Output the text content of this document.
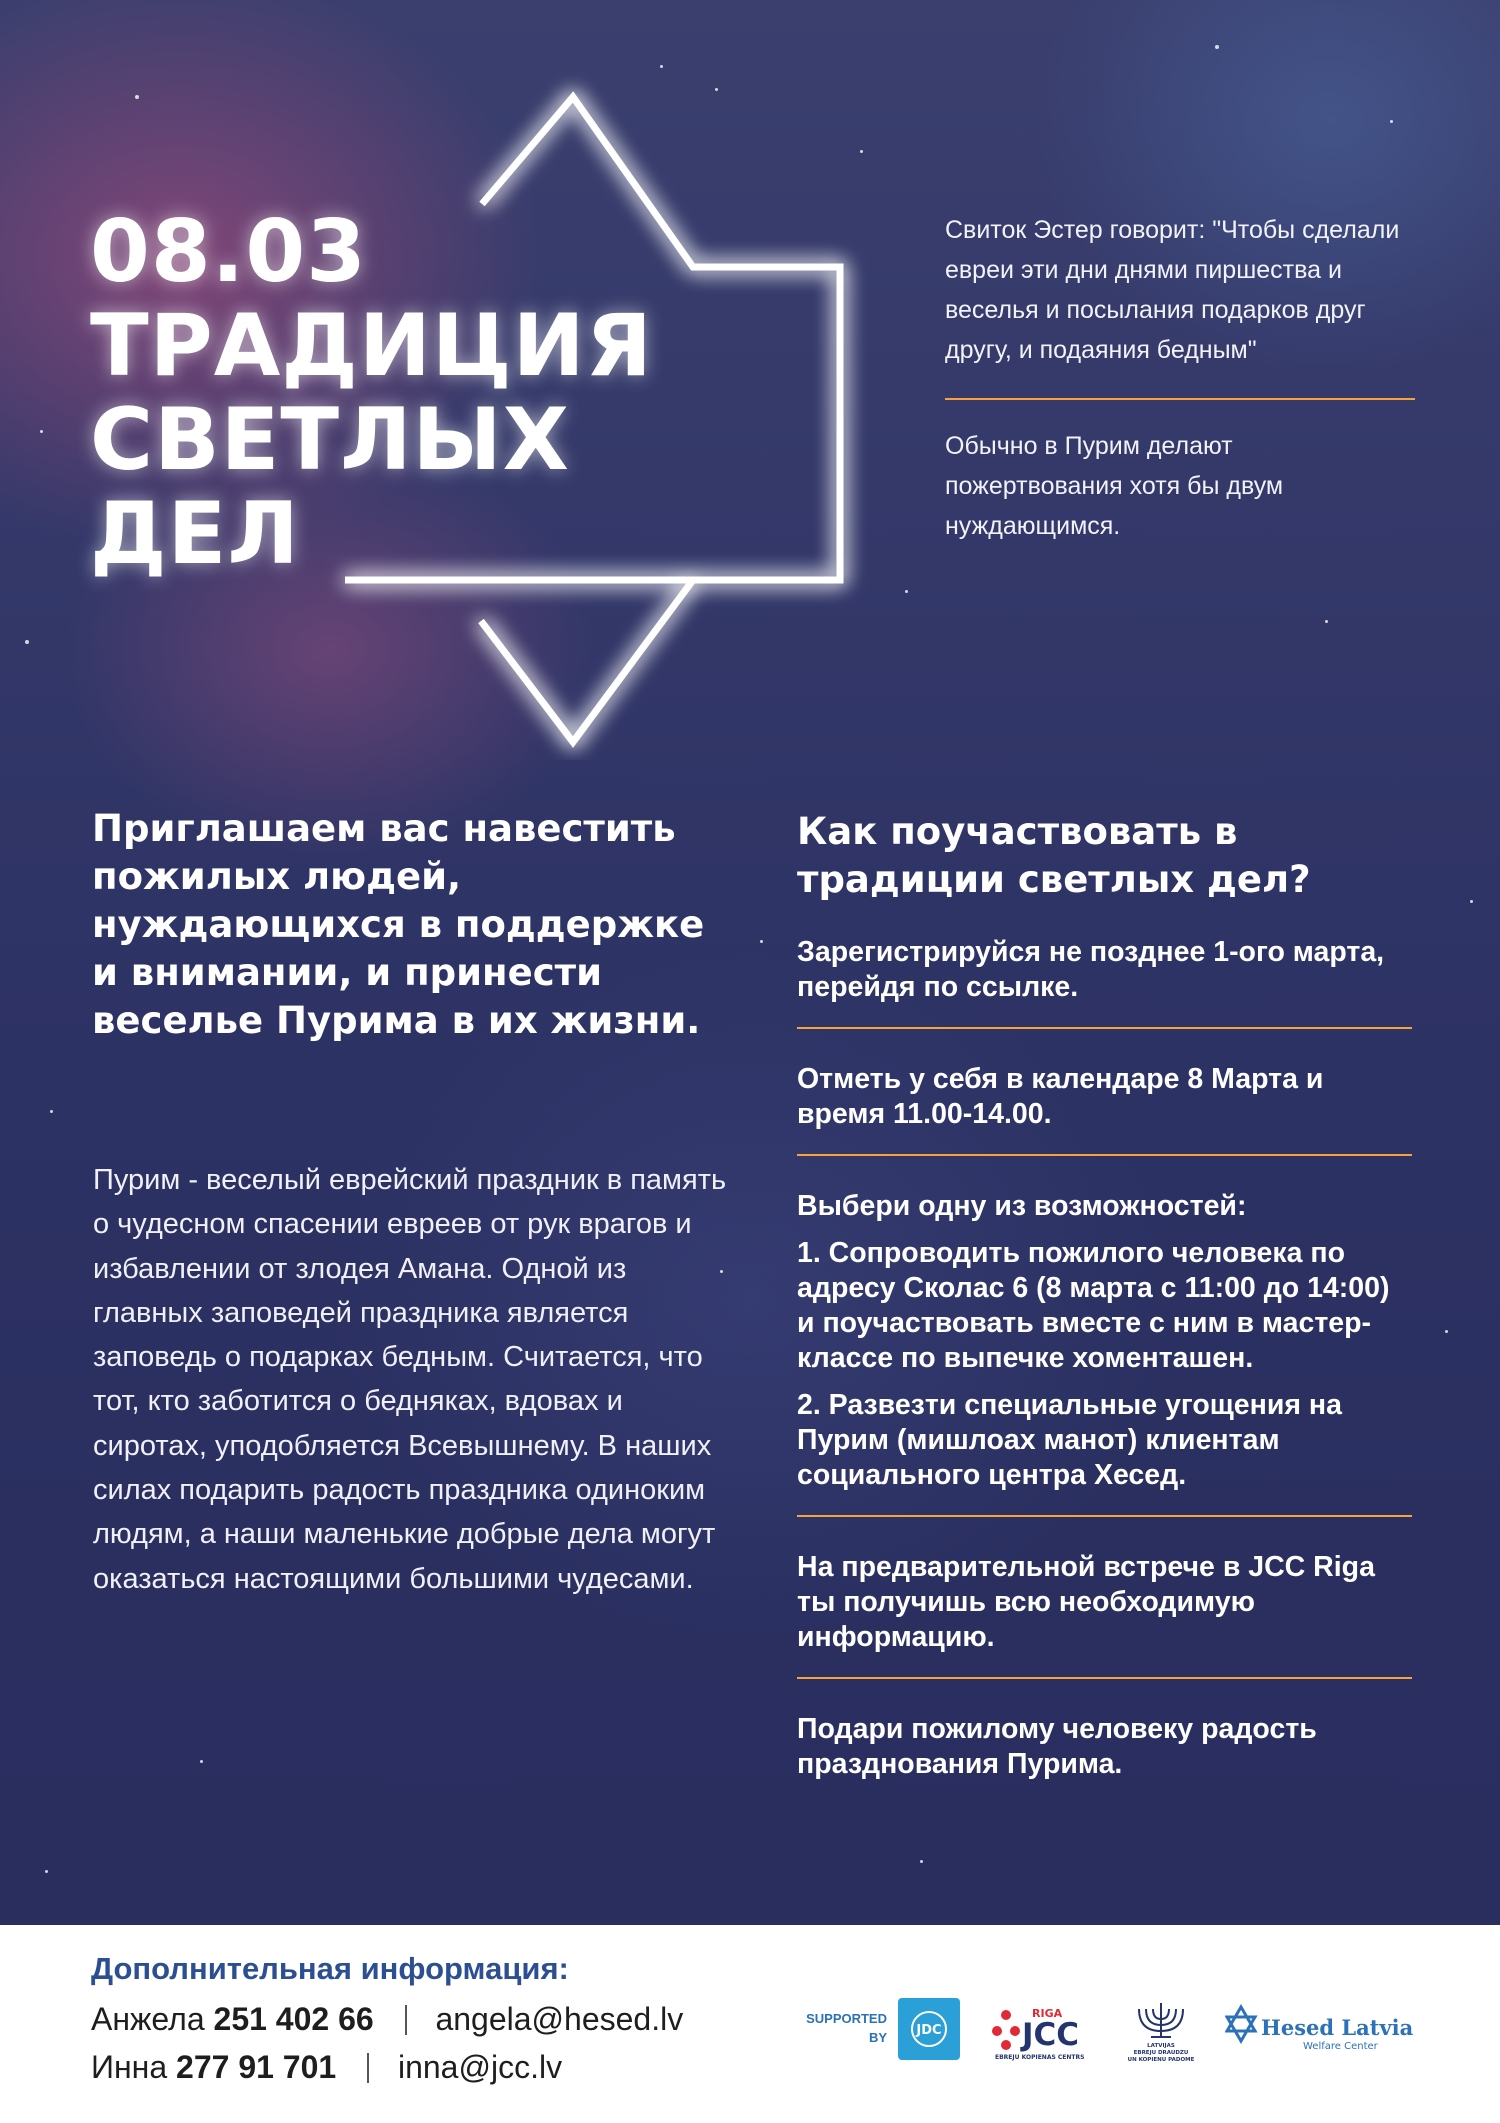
08.03
ТРАДИЦИЯ
СВЕТЛЫХ
ДЕЛ

Свиток Эстер говорит: "Чтобы сделали евреи эти дни днями пиршества и веселья и посылания подарков друг другу, и подаяния бедным"

Обычно в Пурим делают пожертвования хотя бы двум нуждающимся.

Приглашаем вас навестить пожилых людей, нуждающихся в поддержке и внимании, и принести веселье Пурима в их жизни.

Пурим - веселый еврейский праздник в память о чудесном спасении евреев от рук врагов и избавлении от злодея Амана. Одной из главных заповедей праздника является заповедь о подарках бедным. Считается, что тот, кто заботится о бедняках, вдовах и сиротах, уподобляется Всевышнему. В наших силах подарить радость праздника одиноким людям, а наши маленькие добрые дела могут оказаться настоящими большими чудесами.

Как поучаствовать в традиции светлых дел?

Зарегистрируйся не позднее 1-ого марта, перейдя по ссылке.

Отметь у себя в календаре 8 Марта и время 11.00-14.00.

Выбери одну из возможностей:

1. Сопроводить пожилого человека по адресу Сколас 6 (8 марта с 11:00 до 14:00) и поучаствовать вместе с ним в мастер-классе по выпечке хоменташен.

2. Развезти специальные угощения на Пурим (мишлоах манот) клиентам социального центра Хесед.

На предварительной встрече в JCC Riga ты получишь всю необходимую информацию.

Подари пожилому человеку радость празднования Пурима.

Дополнительная информация:
Анжела 251 402 66 angela@hesed.lv
Инна 277 91 701 inna@jcc.lv
SUPPORTED
BY JDC
RIGA
JCC
EBREJU KOPIENAS CENTRS
LATVIJAS
EBREJU DRAUDZU
UN KOPIENU PADOME
Hesed Latvia
Welfare Center
